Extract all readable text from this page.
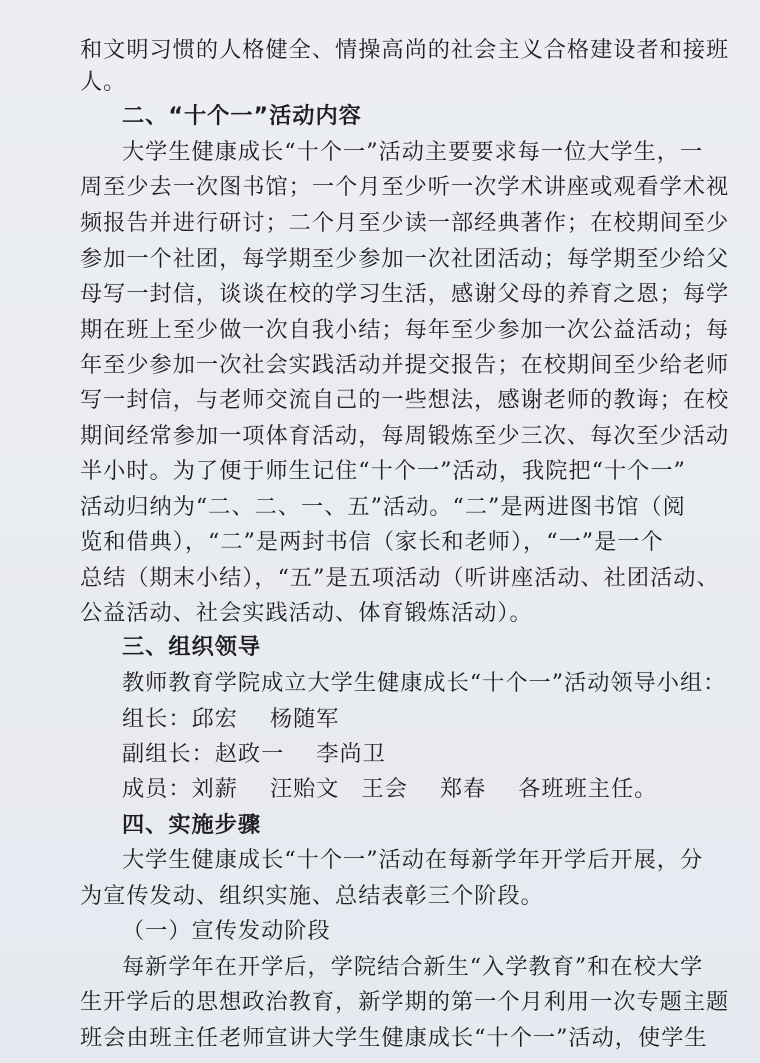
和文明习惯的人格健全、情操高尚的社会主义合格建设者和接班
人。
二、“十个一”活动内容
大学生健康成长“十个一”活动主要要求每一位大学生，一
周至少去一次图书馆；一个月至少听一次学术讲座或观看学术视
频报告并进行研讨；二个月至少读一部经典著作；在校期间至少
参加一个社团，每学期至少参加一次社团活动；每学期至少给父
母写一封信，谈谈在校的学习生活，感谢父母的养育之恩；每学
期在班上至少做一次自我小结；每年至少参加一次公益活动；每
年至少参加一次社会实践活动并提交报告；在校期间至少给老师
写一封信，与老师交流自己的一些想法，感谢老师的教诲；在校
期间经常参加一项体育活动，每周锻炼至少三次、每次至少活动
半小时。为了便于师生记住“十个一”活动，我院把“十个一”
活动归纳为“二、二、一、五”活动。“二”是两进图书馆（阅
览和借典），“二”是两封书信（家长和老师），“一”是一个
总结（期末小结），“五”是五项活动（听讲座活动、社团活动、
公益活动、社会实践活动、体育锻炼活动）。
三、组织领导
教师教育学院成立大学生健康成长“十个一”活动领导小组：
组长：邱宏 杨随军
副组长：赵政一 李尚卫
成员：刘薪 汪贻文 王会 郑春 各班班主任。
四、实施步骤
大学生健康成长“十个一”活动在每新学年开学后开展，分
为宣传发动、组织实施、总结表彰三个阶段。
（一）宣传发动阶段
每新学年在开学后，学院结合新生“入学教育”和在校大学
生开学后的思想政治教育，新学期的第一个月利用一次专题主题
班会由班主任老师宣讲大学生健康成长“十个一”活动，使学生
